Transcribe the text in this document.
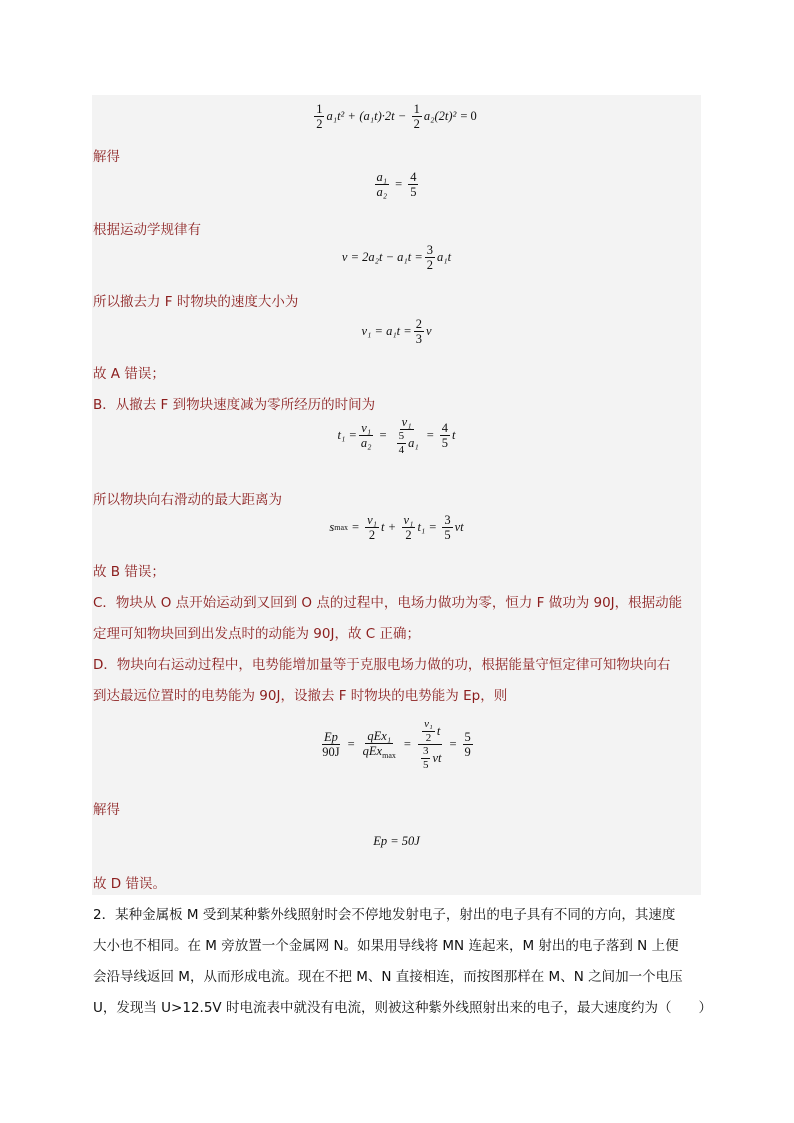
$\frac{1}{2} a_1t^2 + (a_1t)\cdot 2t - \frac{1}{2} a_2(2t)^2 = 0$
解得
$\frac{\text{a₁}}{\text{a₂}} = \frac{4}{5}$
根据运动学规律有
$v = 2a_2t - a_1t = \frac{3}{2} a_1t$
所以撤去力 F 时物块的速度大小为
$v_1 = a_1t = \frac{2}{3}$ v
故 A 错误；
B．从撤去 F 到物块速度减为零所经历的时间为
$t_1 = \frac{\text{v₁}}{\text{a₂}} = \frac{\text{v₁}}{\frac{5}{4} a_1} = \frac{4}{5}$ t
所以物块向右滑动的最大距离为
s $\max = \frac{\text{v₁}}{2}$ $t + \frac{\text{v₁}}{2} t_1 = \frac{3}{5}$ vt
故 B 错误；
C．物块从 O 点开始运动到又回到 O 点的过程中，电场力做功为零，恒力 F 做功为 90J，根据动能
定理可知物块回到出发点时的动能为 90J，故 C 正确；
D．物块向右运动过程中，电势能增加量等于克服电场力做的功，根据能量守恒定律可知物块向右
到达最远位置时的电势能为 90J，设撤去 F 时物块的电势能为 Ep，则
$\frac{Ep}{90J} = \frac{\text{qEx₁}}{qEx_{max}} = \frac{\frac{\text{v₁}}{2} t}{\frac{3}{5} vt} = \frac{5}{9}$
解得
Ep = 50J
故 D 错误。
2．某种金属板 M 受到某种紫外线照射时会不停地发射电子，射出的电子具有不同的方向，其速度
大小也不相同。在 M 旁放置一个金属网 N。如果用导线将 MN 连起来，M 射出的电子落到 N 上便
会沿导线返回 M，从而形成电流。现在不把 M、N 直接相连，而按图那样在 M、N 之间加一个电压
U，发现当 U>12.5V 时电流表中就没有电流，则被这种紫外线照射出来的电子，最大速度约为（　　）
